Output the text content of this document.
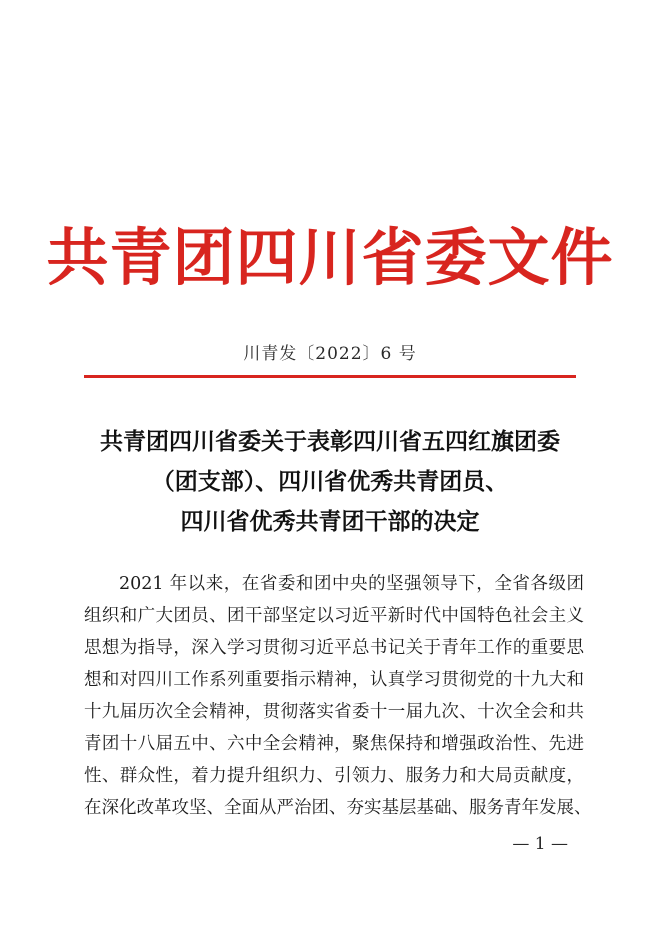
共青团四川省委文件
川青发〔2022〕6 号
共青团四川省委关于表彰四川省五四红旗团委
（团支部）、四川省优秀共青团员、
四川省优秀共青团干部的决定
2021 年以来，在省委和团中央的坚强领导下，全省各级团
组织和广大团员、团干部坚定以习近平新时代中国特色社会主义
思想为指导，深入学习贯彻习近平总书记关于青年工作的重要思
想和对四川工作系列重要指示精神，认真学习贯彻党的十九大和
十九届历次全会精神，贯彻落实省委十一届九次、十次全会和共
青团十八届五中、六中全会精神，聚焦保持和增强政治性、先进
性、群众性，着力提升组织力、引领力、服务力和大局贡献度，
在深化改革攻坚、全面从严治团、夯实基层基础、服务青年发展、
— 1 —
